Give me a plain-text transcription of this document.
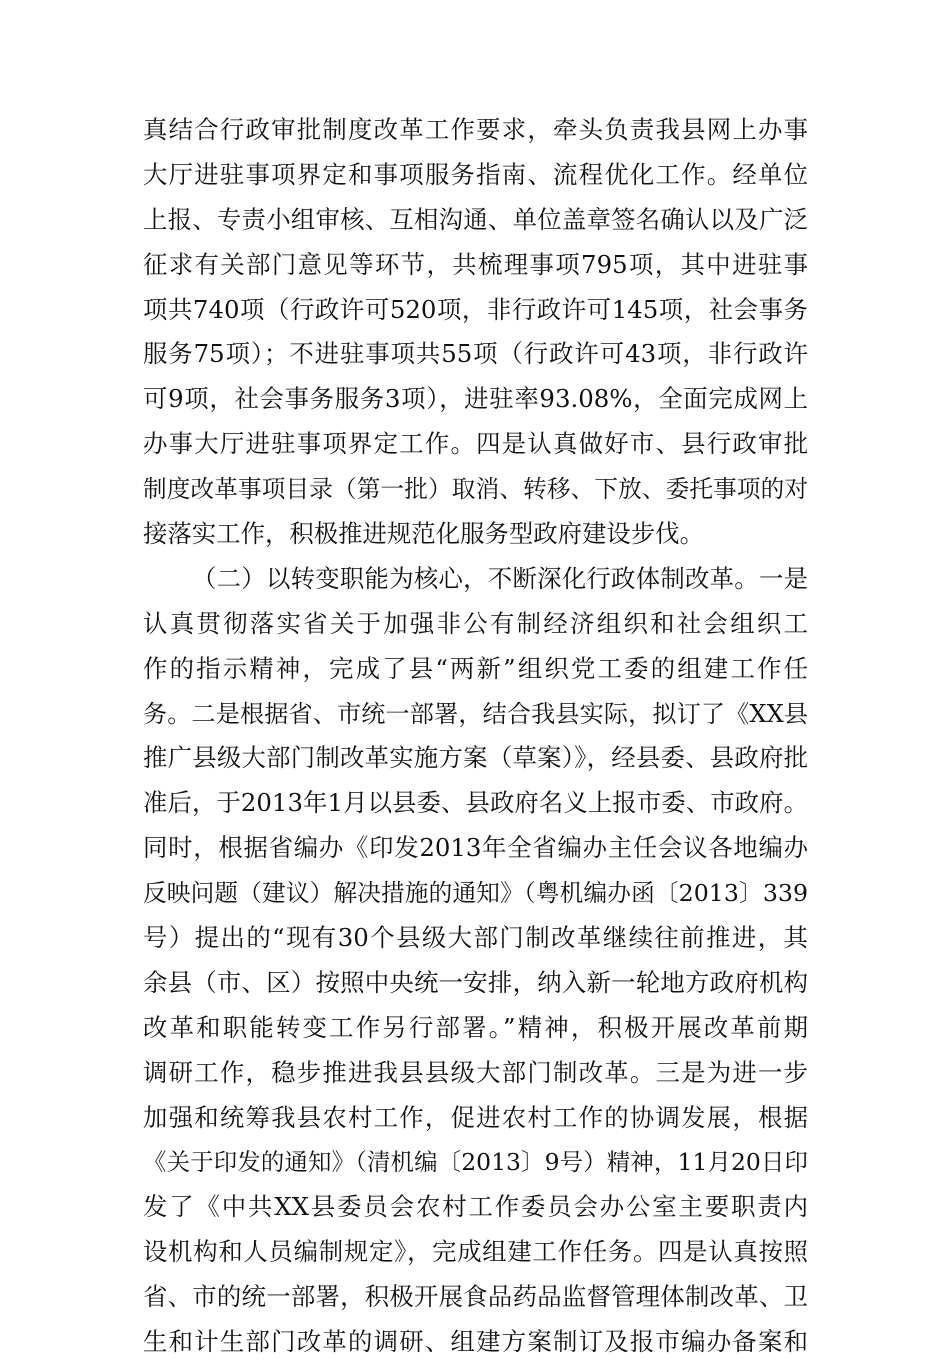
真结合行政审批制度改革工作要求，牵头负责我县网上办事
大厅进驻事项界定和事项服务指南、流程优化工作。经单位
上报、专责小组审核、互相沟通、单位盖章签名确认以及广泛
征求有关部门意见等环节，共梳理事项795项，其中进驻事
项共740项（行政许可520项，非行政许可145项，社会事务
服务75项）；不进驻事项共55项（行政许可43项，非行政许
可9项，社会事务服务3项），进驻率93.08%，全面完成网上
办事大厅进驻事项界定工作。四是认真做好市、县行政审批
制度改革事项目录（第一批）取消、转移、下放、委托事项的对
接落实工作，积极推进规范化服务型政府建设步伐。
（二）以转变职能为核心，不断深化行政体制改革。一是
认真贯彻落实省关于加强非公有制经济组织和社会组织工
作的指示精神，完成了县“两新”组织党工委的组建工作任
务。二是根据省、市统一部署，结合我县实际，拟订了《XX县
推广县级大部门制改革实施方案（草案）》，经县委、县政府批
准后，于2013年1月以县委、县政府名义上报市委、市政府。
同时，根据省编办《印发2013年全省编办主任会议各地编办
反映问题（建议）解决措施的通知》（粤机编办函〔2013〕339
号）提出的“现有30个县级大部门制改革继续往前推进，其
余县（市、区）按照中央统一安排，纳入新一轮地方政府机构
改革和职能转变工作另行部署。”精神，积极开展改革前期
调研工作，稳步推进我县县级大部门制改革。三是为进一步
加强和统筹我县农村工作，促进农村工作的协调发展，根据
《关于印发的通知》（清机编〔2013〕9号）精神，11月20日印
发了《中共XX县委员会农村工作委员会办公室主要职责内
设机构和人员编制规定》，完成组建工作任务。四是认真按照
省、市的统一部署，积极开展食品药品监督管理体制改革、卫
生和计生部门改革的调研、组建方案制订及报市编办备案和
